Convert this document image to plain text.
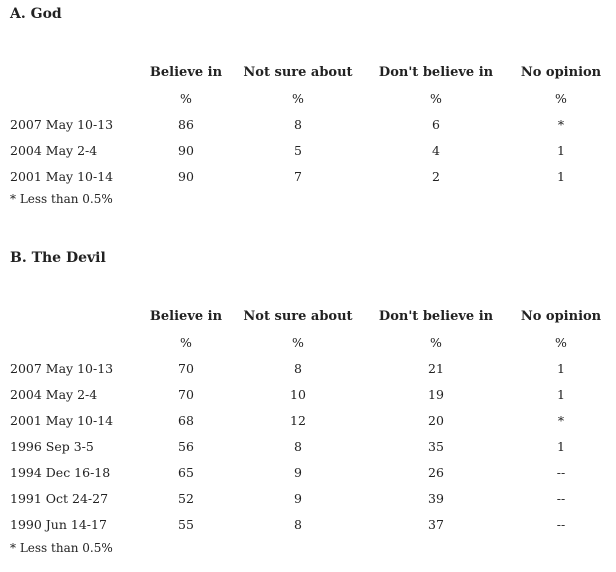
A. God
	Believe in	Not sure about	Don't believe in	No opinion
	%	%	%	%
2007 May 10-13	86	8	6	*
2004 May 2-4	90	5	4	1
2001 May 10-14	90	7	2	1

* Less than 0.5%

B. The Devil
	Believe in	Not sure about	Don't believe in	No opinion
	%	%	%	%
2007 May 10-13	70	8	21	1
2004 May 2-4	70	10	19	1
2001 May 10-14	68	12	20	*
1996 Sep 3-5	56	8	35	1
1994 Dec 16-18	65	9	26	--
1991 Oct 24-27	52	9	39	--
1990 Jun 14-17	55	8	37	--

* Less than 0.5%
